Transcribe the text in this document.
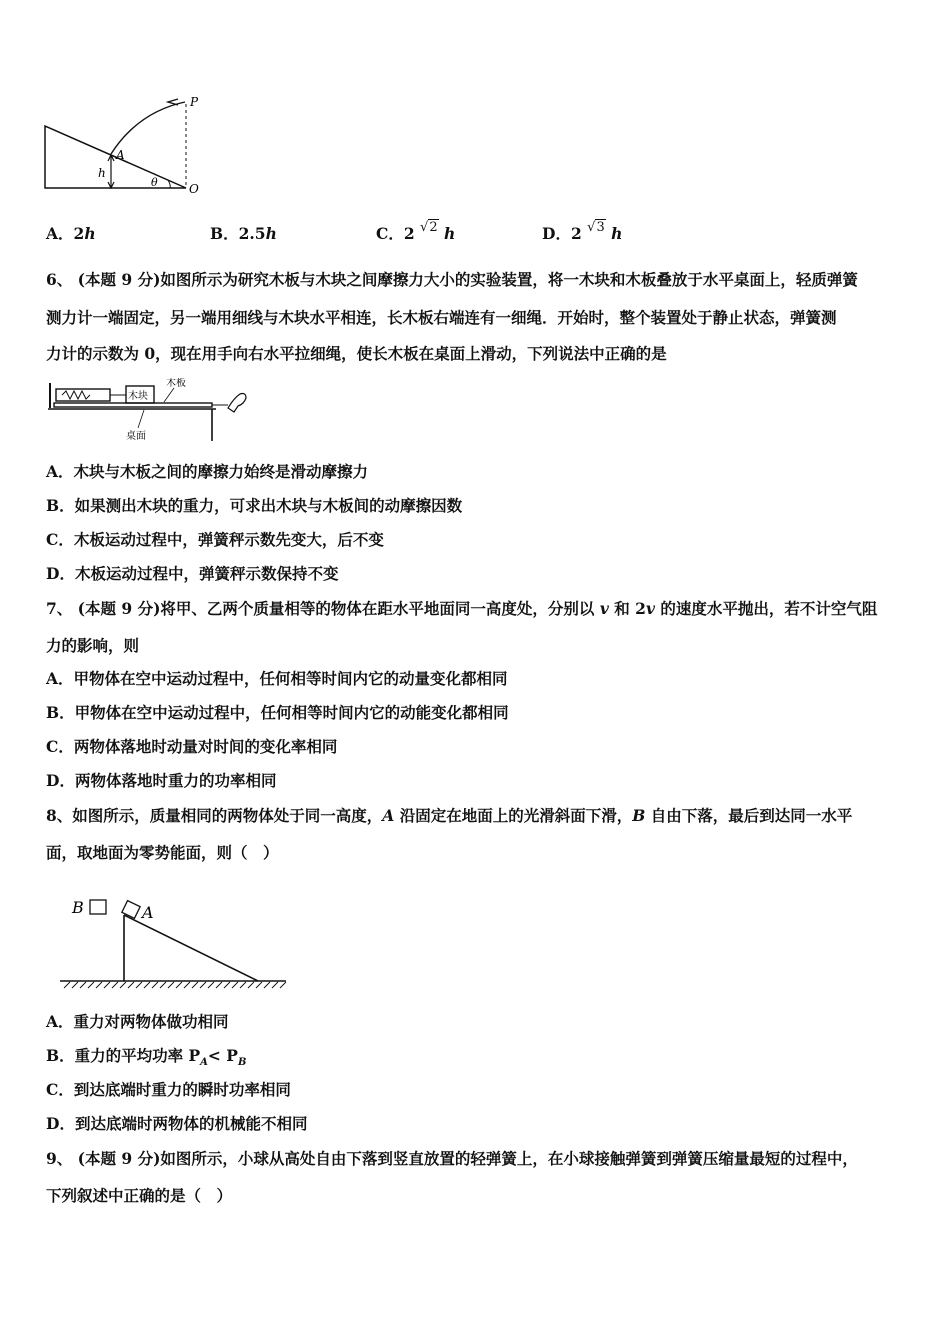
P
A
h
θ	O
A．2h	B．2.5h	C．2 $^{√2}$ h	D．2 $^{√3}$ h
6、 (本题 9 分)如图所示为研究木板与木块之间摩擦力大小的实验装置，将一木块和木板叠放于水平桌面上，轻质弹簧
测力计一端固定，另一端用细线与木块水平相连，长木板右端连有一细绳．开始时，整个装置处于静止状态，弹簧测
力计的示数为 0，现在用手向右水平拉细绳，使长木板在桌面上滑动，下列说法中正确的是
木块
木板
桌面
A．木块与木板之间的摩擦力始终是滑动摩擦力
B．如果测出木块的重力，可求出木块与木板间的动摩擦因数
C．木板运动过程中，弹簧秤示数先变大，后不变
D．木板运动过程中，弹簧秤示数保持不变
7、 (本题 9 分)将甲、乙两个质量相等的物体在距水平地面同一高度处，分别以 v 和 2v 的速度水平抛出，若不计空气阻
力的影响，则
A．甲物体在空中运动过程中，任何相等时间内它的动量变化都相同
B．甲物体在空中运动过程中，任何相等时间内它的动能变化都相同
C．两物体落地时动量对时间的变化率相同
D．两物体落地时重力的功率相同
8、如图所示，质量相同的两物体处于同一高度，A 沿固定在地面上的光滑斜面下滑，B 自由下落，最后到达同一水平
面，取地面为零势能面，则（　）
B	A
A．重力对两物体做功相同
B．重力的平均功率 $P_A< P_B$
C．到达底端时重力的瞬时功率相同
D．到达底端时两物体的机械能不相同
9、 (本题 9 分)如图所示，小球从高处自由下落到竖直放置的轻弹簧上，在小球接触弹簧到弹簧压缩量最短的过程中，
下列叙述中正确的是（　）
